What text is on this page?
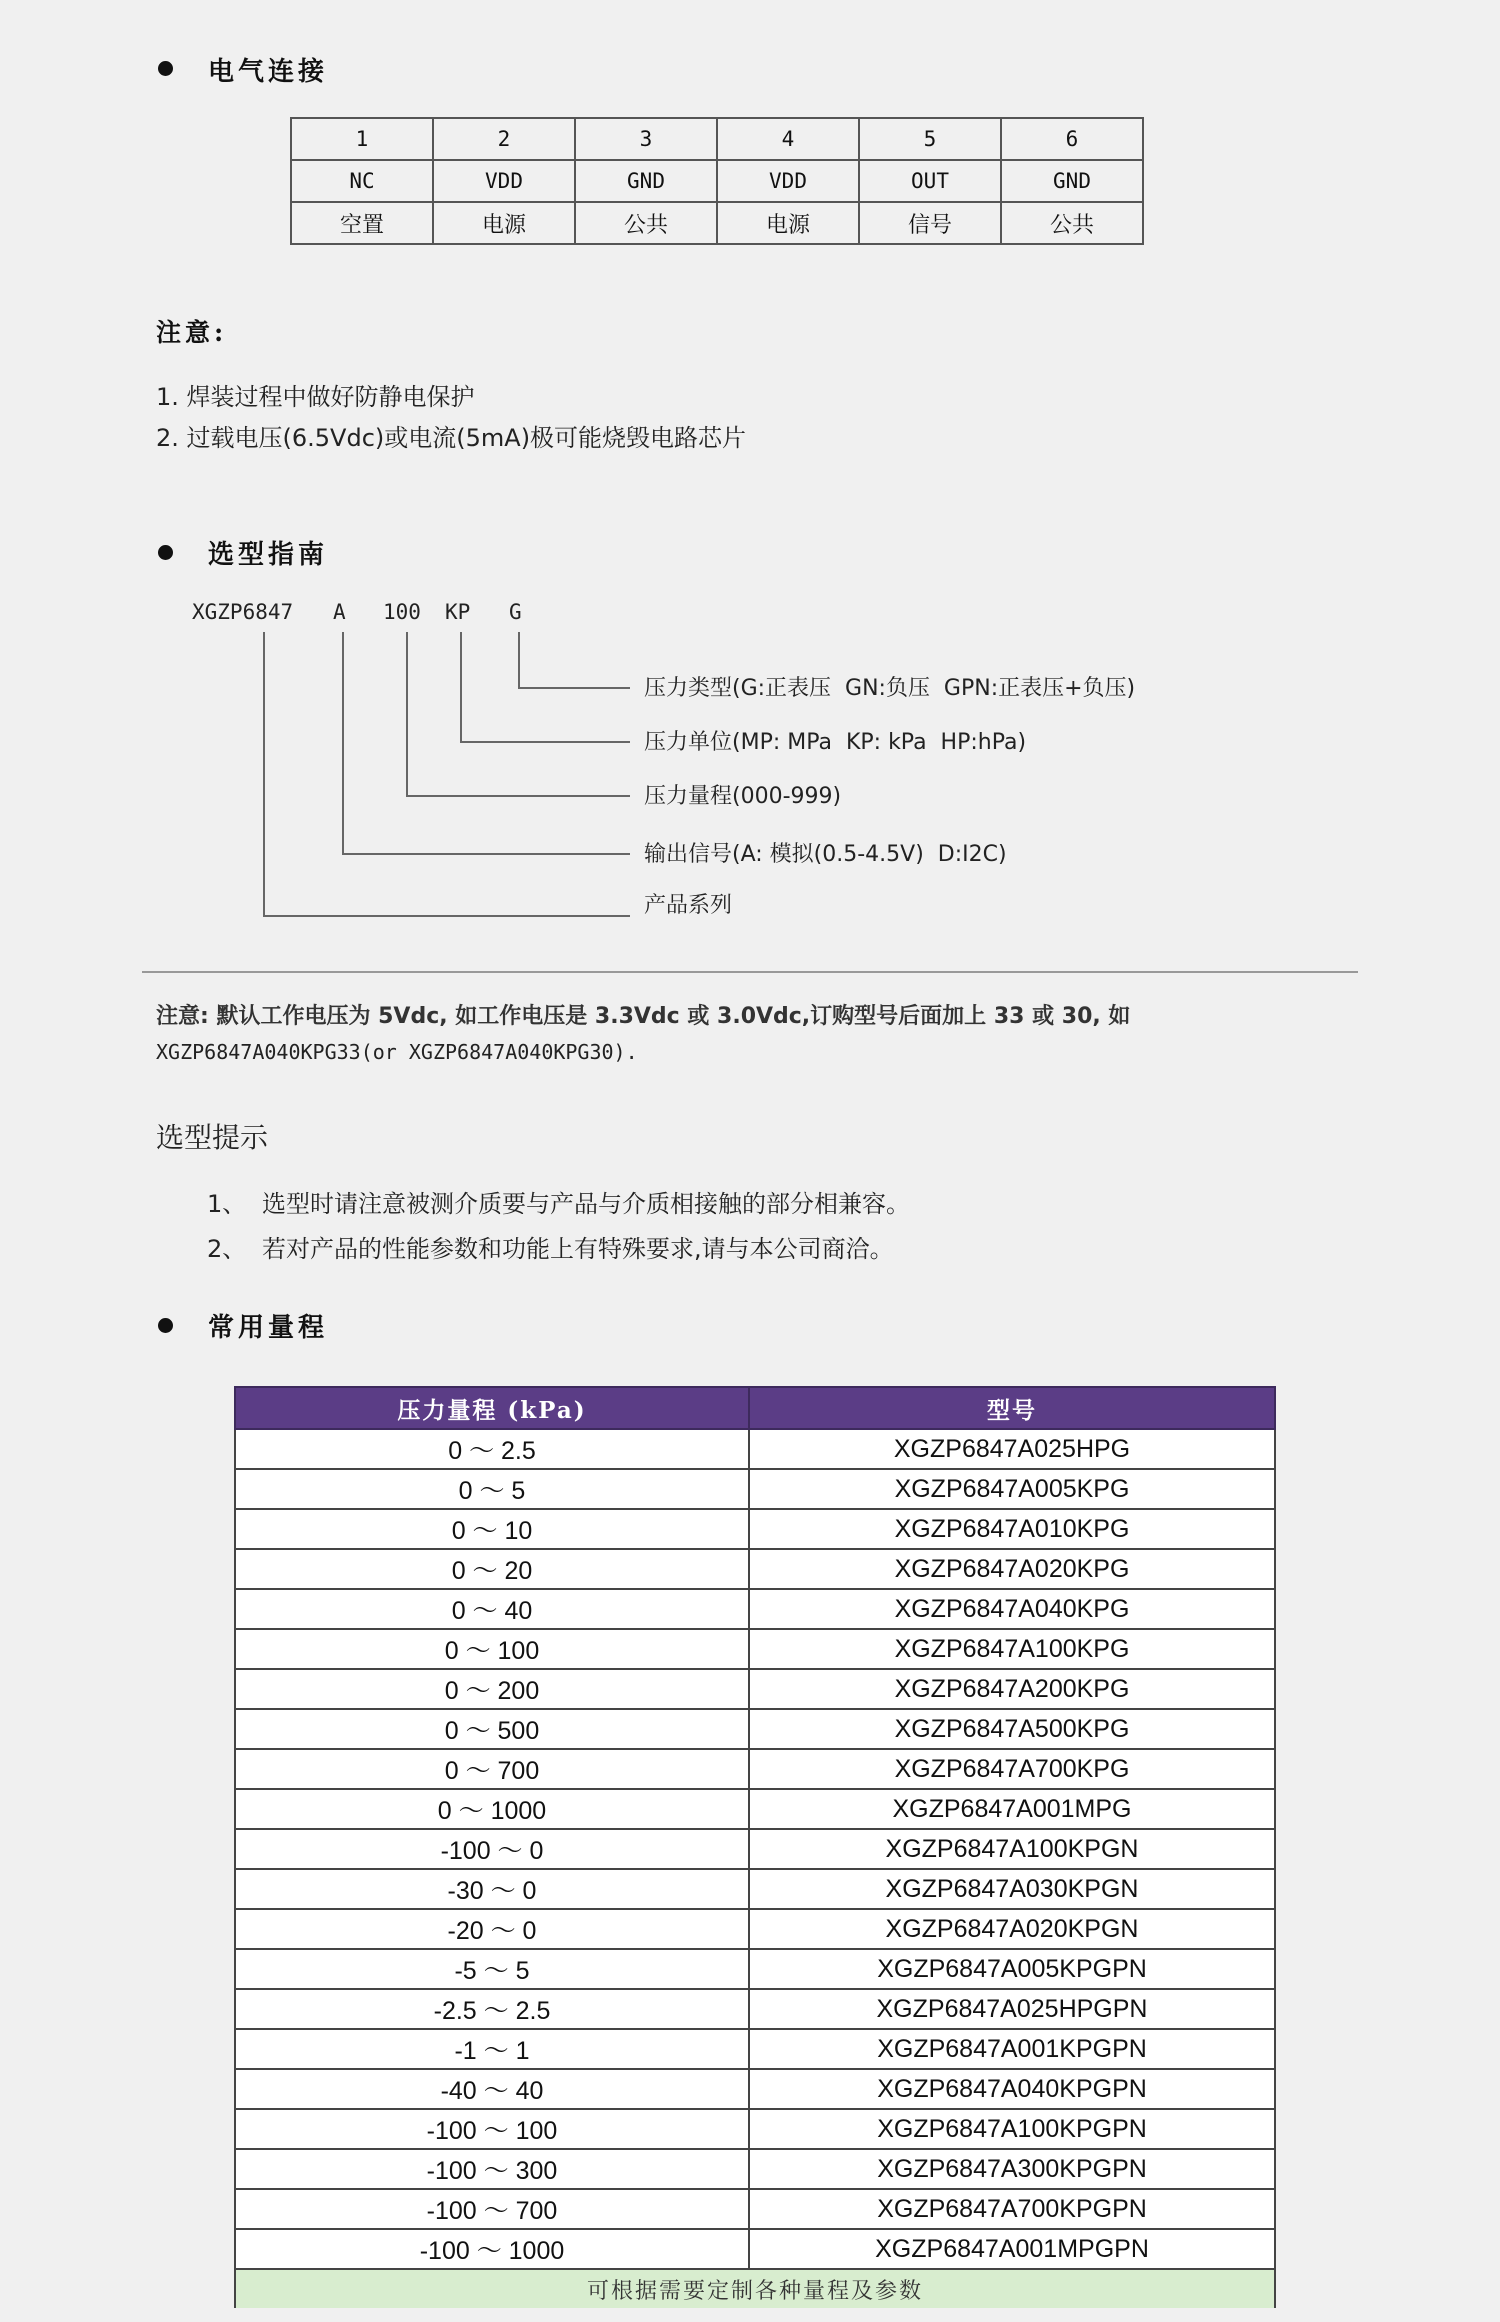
电气连接
1	2	3	4	5	6
NC	VDD	GND	VDD	OUT	GND
空置	电源	公共	电源	信号	公共
注意:
1. 焊装过程中做好防静电保护
2. 过载电压(6.5Vdc)或电流(5mA)极可能烧毁电路芯片
选型指南
XGZP6847 A 100 KP G
压力类型(G:正表压  GN:负压  GPN:正表压+负压)
压力单位(MP: MPa  KP: kPa  HP:hPa)
压力量程(000-999)
输出信号(A: 模拟(0.5-4.5V)  D:I2C)
产品系列
注意: 默认工作电压为 5Vdc, 如工作电压是 3.3Vdc 或 3.0Vdc,订购型号后面加上 33 或 30, 如
XGZP6847A040KPG33(or XGZP6847A040KPG30).
选型提示
1、 选型时请注意被测介质要与产品与介质相接触的部分相兼容。
2、 若对产品的性能参数和功能上有特殊要求,请与本公司商洽。
常用量程
压力量程 (kPa)	型号
0 ～ 2.5	XGZP6847A025HPG
0 ～ 5	XGZP6847A005KPG
0 ～ 10	XGZP6847A010KPG
0 ～ 20	XGZP6847A020KPG
0 ～ 40	XGZP6847A040KPG
0 ～ 100	XGZP6847A100KPG
0 ～ 200	XGZP6847A200KPG
0 ～ 500	XGZP6847A500KPG
0 ～ 700	XGZP6847A700KPG
0 ～ 1000	XGZP6847A001MPG
-100 ～ 0	XGZP6847A100KPGN
-30 ～ 0	XGZP6847A030KPGN
-20 ～ 0	XGZP6847A020KPGN
-5 ～ 5	XGZP6847A005KPGPN
-2.5 ～ 2.5	XGZP6847A025HPGPN
-1 ～ 1	XGZP6847A001KPGPN
-40 ～ 40	XGZP6847A040KPGPN
-100 ～ 100	XGZP6847A100KPGPN
-100 ～ 300	XGZP6847A300KPGPN
-100 ～ 700	XGZP6847A700KPGPN
-100 ～ 1000	XGZP6847A001MPGPN
可根据需要定制各种量程及参数	
